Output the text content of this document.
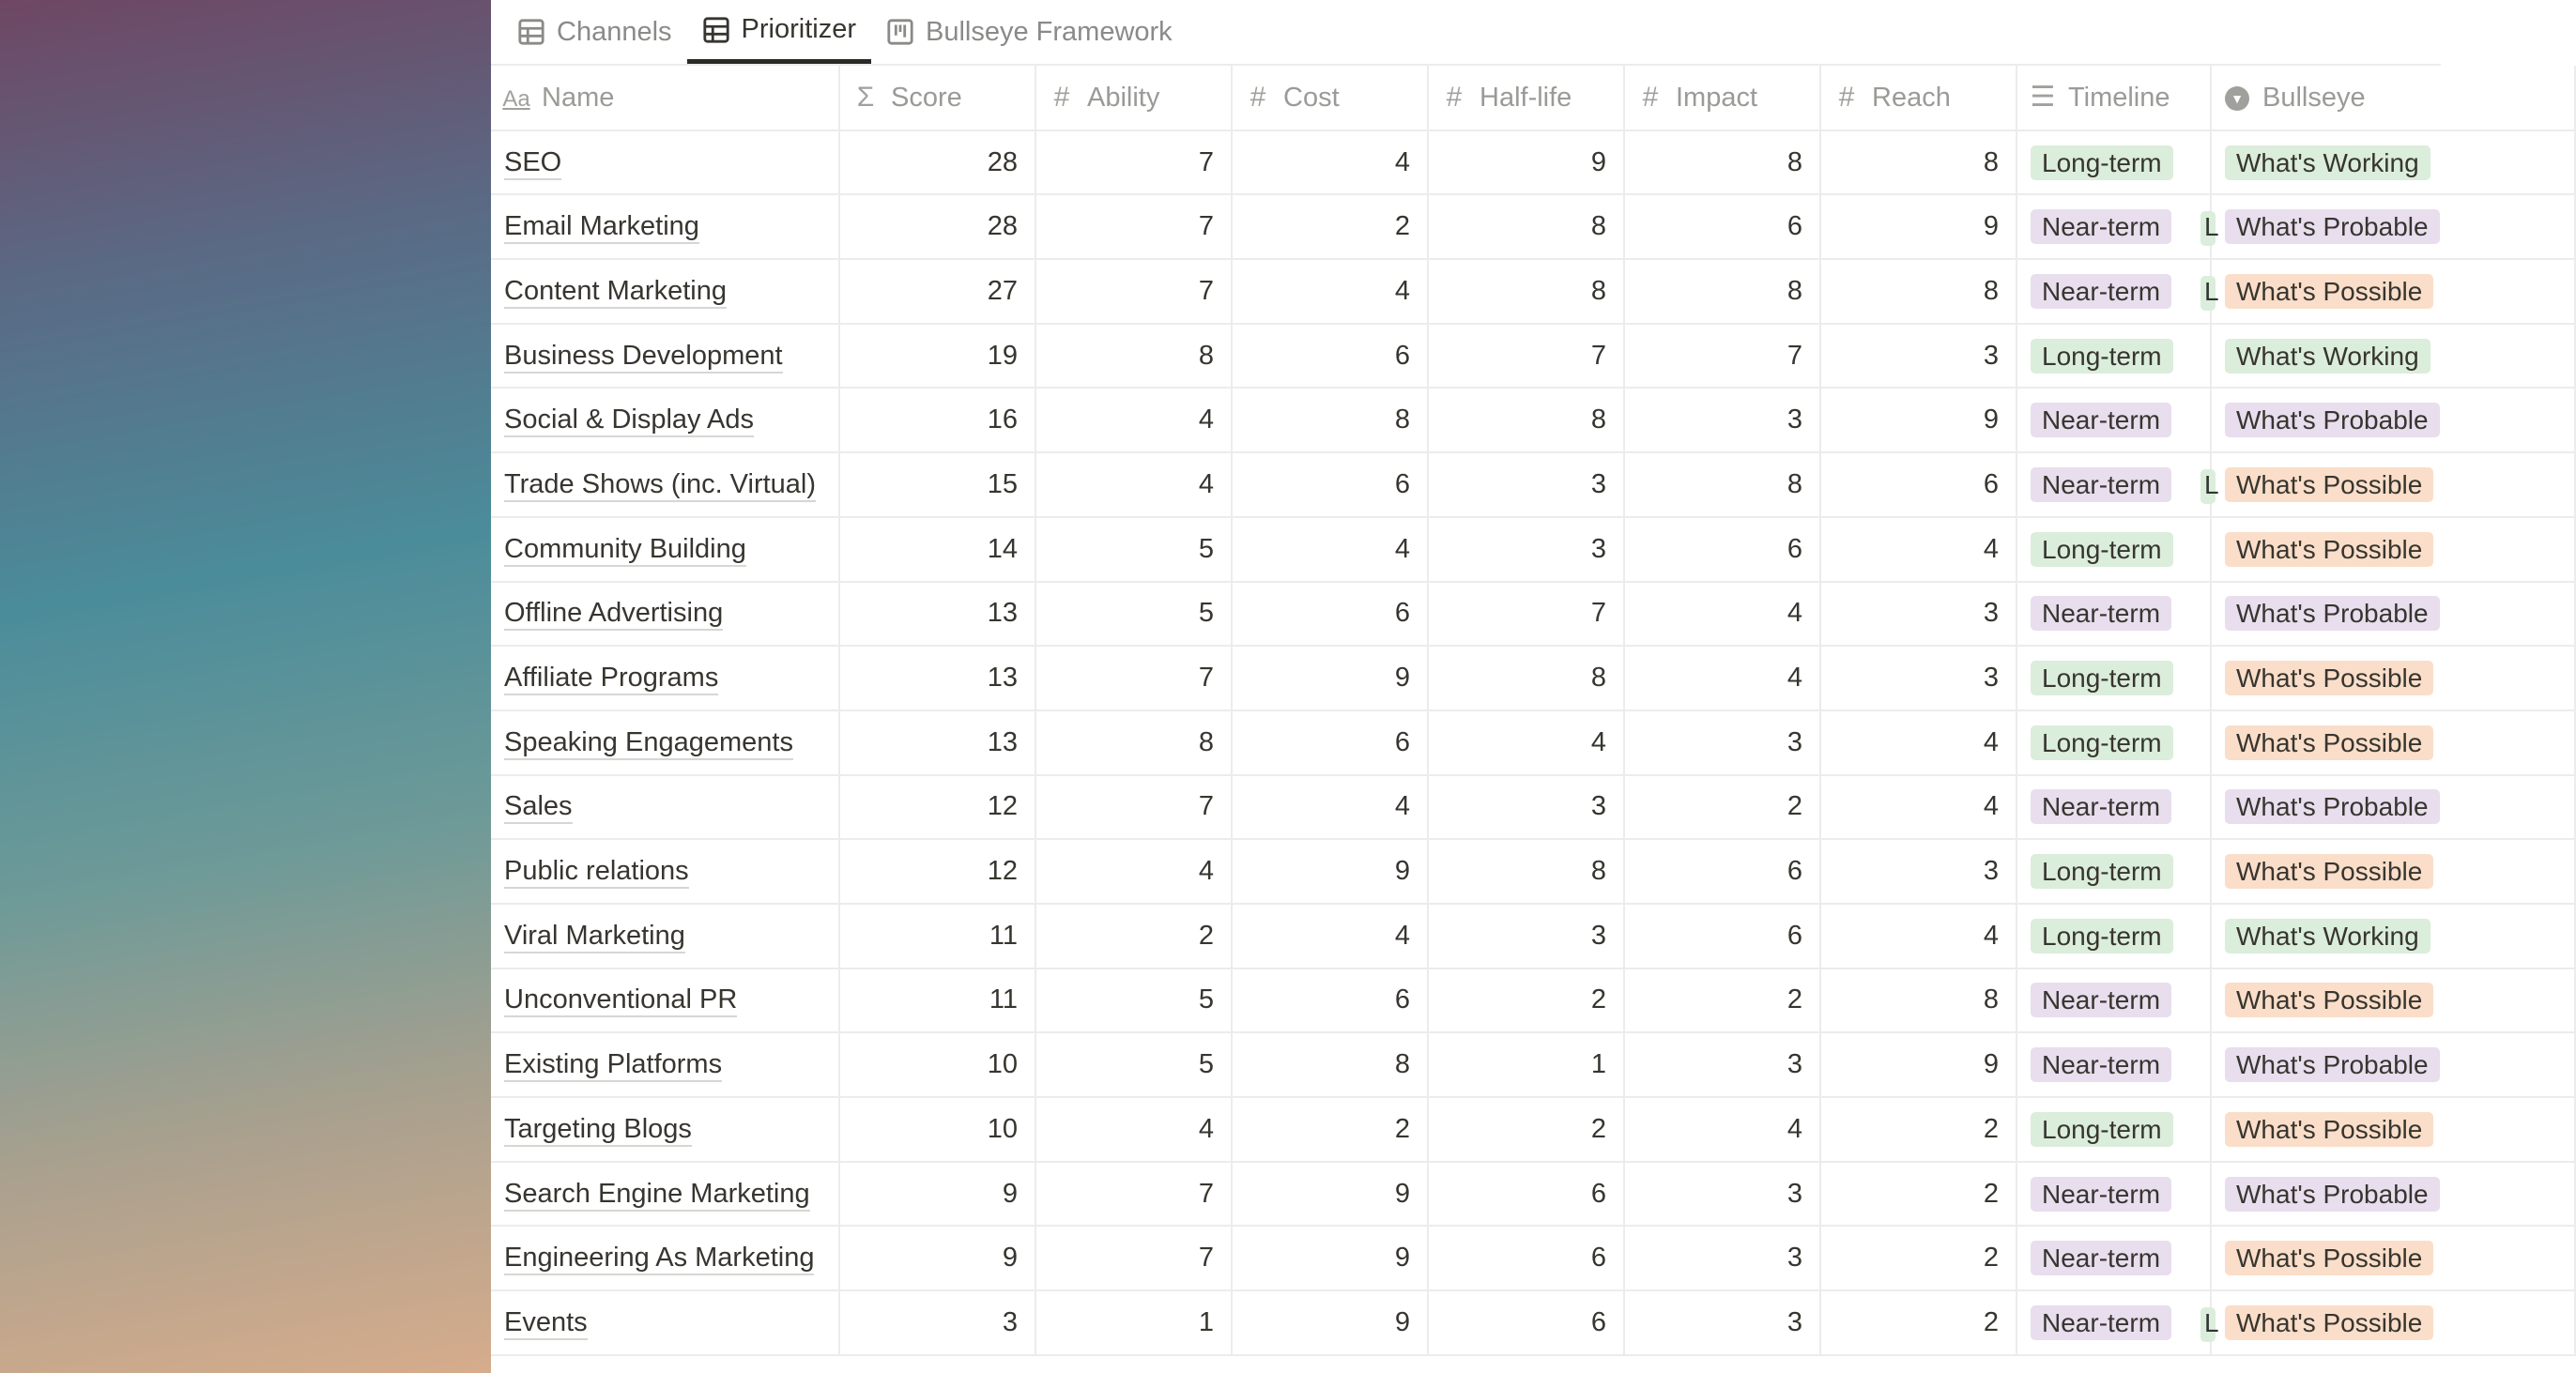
Channels	Prioritizer	Bullseye Framework
Aa Name	Σ Score	# Ability	# Cost	# Half-life	# Impact	# Reach	☰ Timeline	▼ Bullseye
SEO	28	7	4	9	8	8	Long-term	What's Working
Email Marketing	28	7	2	8	6	9	Near-term L	What's Probable
Content Marketing	27	7	4	8	8	8	Near-term L	What's Possible
Business Development	19	8	6	7	7	3	Long-term	What's Working
Social & Display Ads	16	4	8	8	3	9	Near-term	What's Probable
Trade Shows (inc. Virtual)	15	4	6	3	8	6	Near-term L	What's Possible
Community Building	14	5	4	3	6	4	Long-term	What's Possible
Offline Advertising	13	5	6	7	4	3	Near-term	What's Probable
Affiliate Programs	13	7	9	8	4	3	Long-term	What's Possible
Speaking Engagements	13	8	6	4	3	4	Long-term	What's Possible
Sales	12	7	4	3	2	4	Near-term	What's Probable
Public relations	12	4	9	8	6	3	Long-term	What's Possible
Viral Marketing	11	2	4	3	6	4	Long-term	What's Working
Unconventional PR	11	5	6	2	2	8	Near-term	What's Possible
Existing Platforms	10	5	8	1	3	9	Near-term	What's Probable
Targeting Blogs	10	4	2	2	4	2	Long-term	What's Possible
Search Engine Marketing	9	7	9	6	3	2	Near-term	What's Probable
Engineering As Marketing	9	7	9	6	3	2	Near-term	What's Possible
Events	3	1	9	6	3	2	Near-term L	What's Possible
